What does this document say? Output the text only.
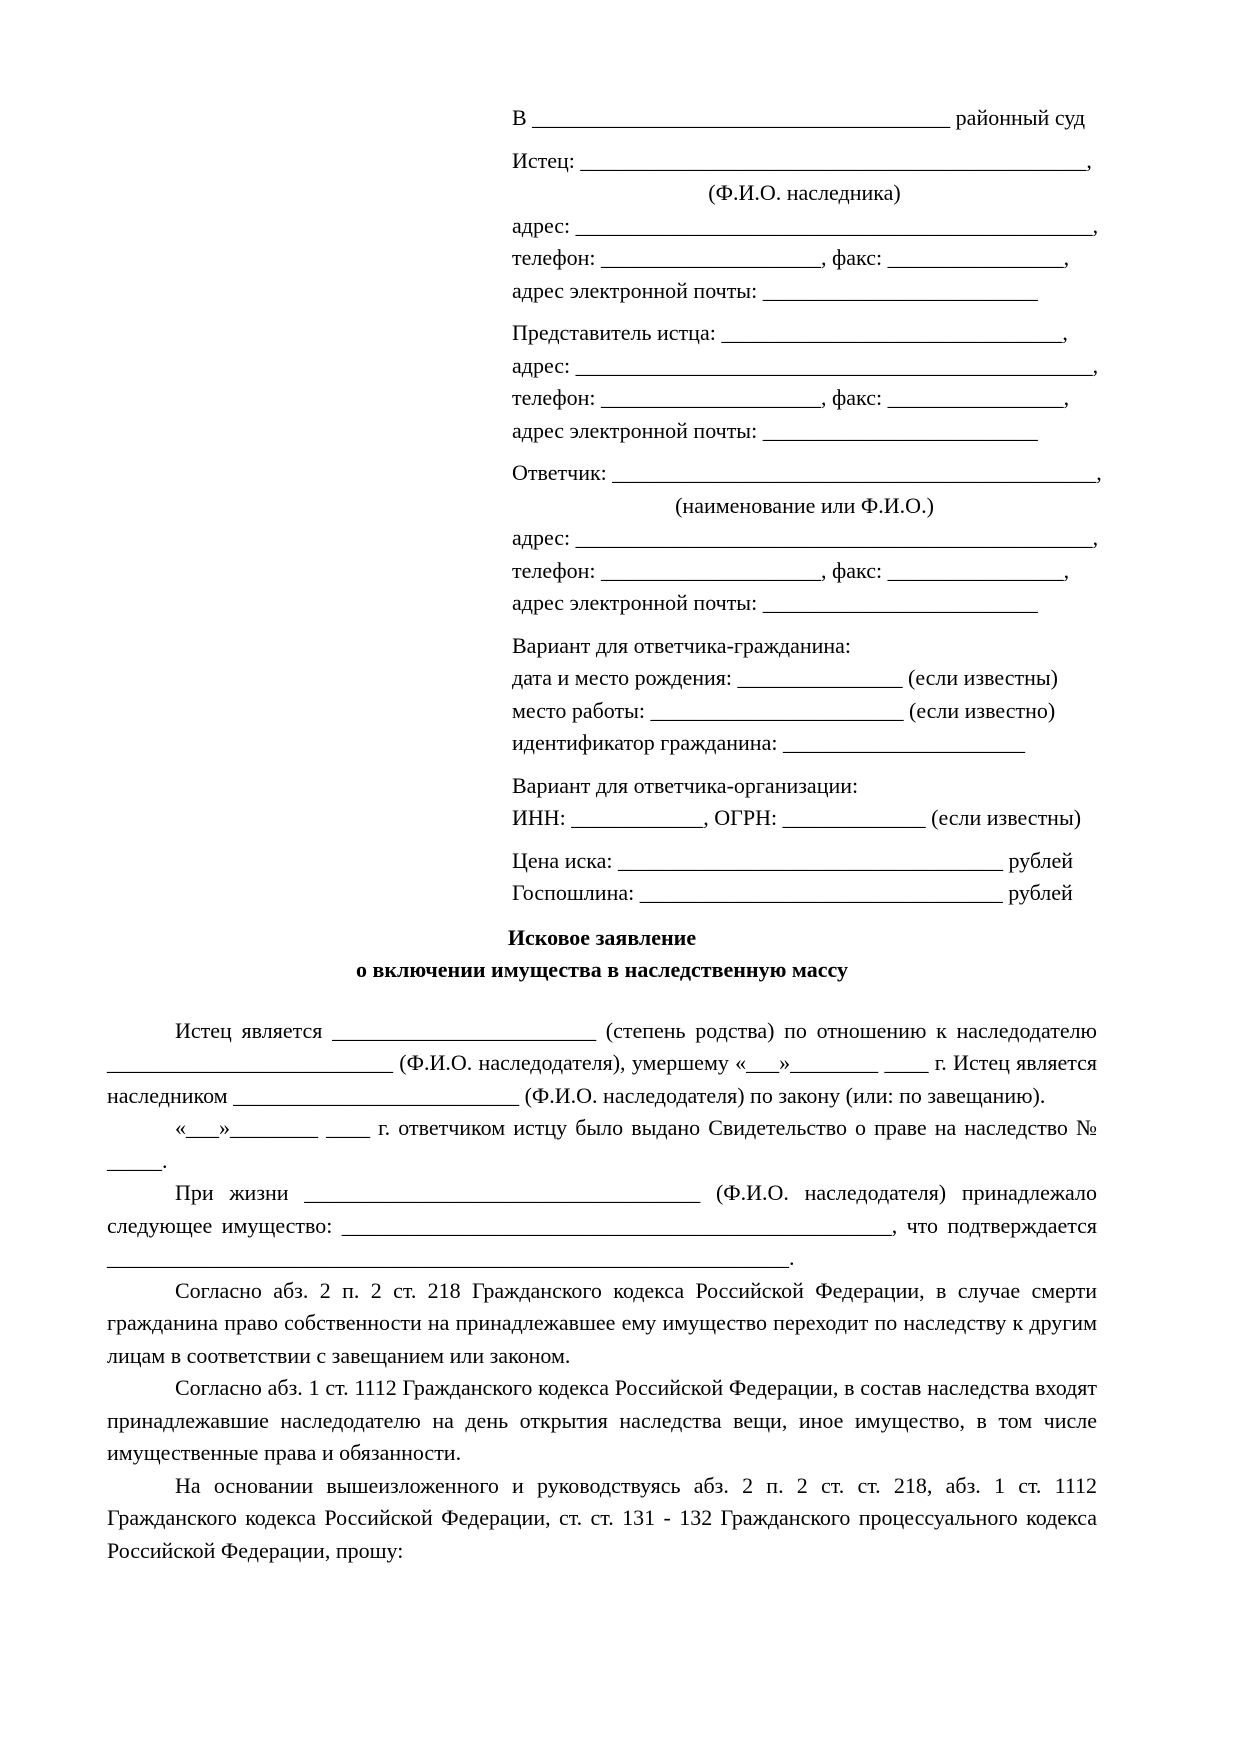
В ______________________________________ районный суд
Истец: ______________________________________________,
(Ф.И.О. наследника)
адрес: _______________________________________________,
телефон: ____________________, факс: ________________,
адрес электронной почты: _________________________
Представитель истца: _______________________________,
адрес: _______________________________________________,
телефон: ____________________, факс: ________________,
адрес электронной почты: _________________________
Ответчик: ____________________________________________,
(наименование или Ф.И.О.)
адрес: _______________________________________________,
телефон: ____________________, факс: ________________,
адрес электронной почты: _________________________
Вариант для ответчика-гражданина:
дата и место рождения: _______________ (если известны)
место работы: _______________________ (если известно)
идентификатор гражданина: ______________________
Вариант для ответчика-организации:
ИНН: ____________, ОГРН: _____________ (если известны)
Цена иска: ___________________________________ рублей
Госпошлина: _________________________________ рублей
Исковое заявление
о включении имущества в наследственную массу

Истец является ________________________ (степень родства) по отношению к наследодателю __________________________ (Ф.И.О. наследодателя), умершему «___»________ ____ г. Истец является наследником __________________________ (Ф.И.О. наследодателя) по закону (или: по завещанию).

«___»________ ____ г. ответчиком истцу было выдано Свидетельство о праве на наследство № _____.

При жизни ____________________________________ (Ф.И.О. наследодателя) принадлежало следующее имущество: __________________________________________________, что подтверждается ______________________________________________________________.

Согласно абз. 2 п. 2 ст. 218 Гражданского кодекса Российской Федерации, в случае смерти гражданина право собственности на принадлежавшее ему имущество переходит по наследству к другим лицам в соответствии с завещанием или законом.

Согласно абз. 1 ст. 1112 Гражданского кодекса Российской Федерации, в состав наследства входят принадлежавшие наследодателю на день открытия наследства вещи, иное имущество, в том числе имущественные права и обязанности.

На основании вышеизложенного и руководствуясь абз. 2 п. 2 ст. ст. 218, абз. 1 ст. 1112 Гражданского кодекса Российской Федерации, ст. ст. 131 - 132 Гражданского процессуального кодекса Российской Федерации, прошу:
